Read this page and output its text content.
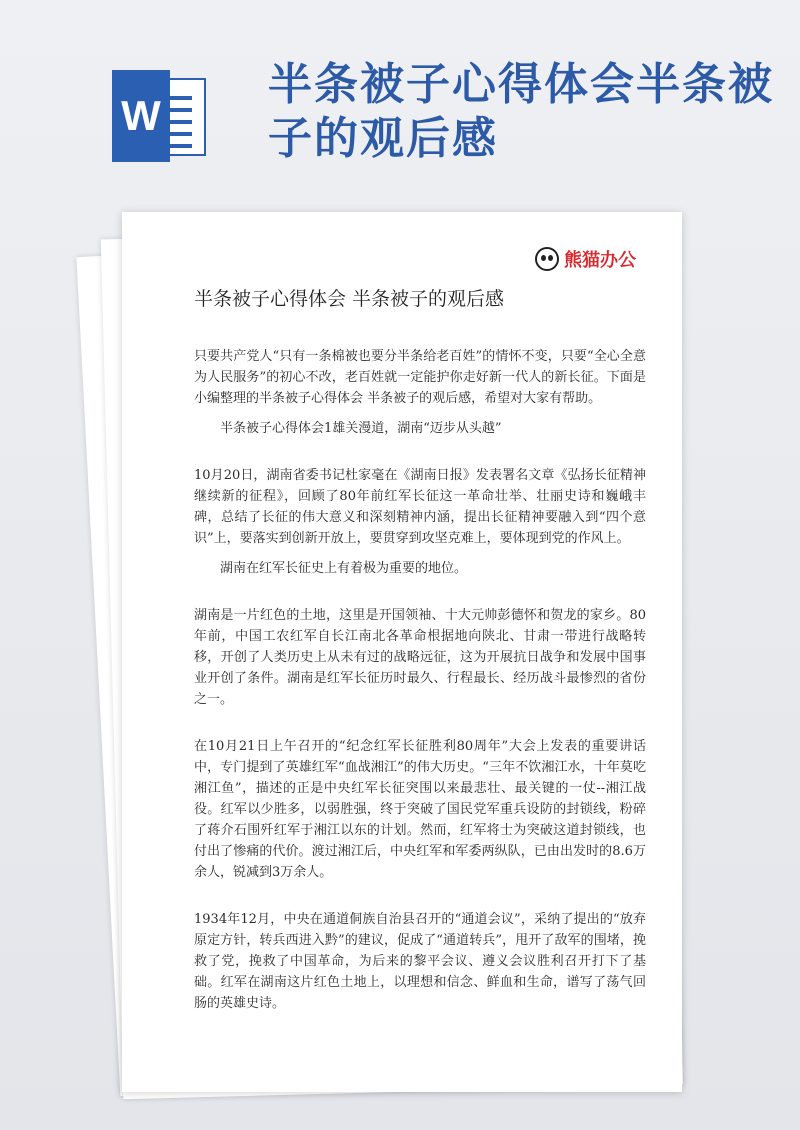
W
半条被子心得体会半条被子的观后感
熊猫办公
半条被子心得体会 半条被子的观后感

只要共产党人“只有一条棉被也要分半条给老百姓”的情怀不变，只要“全心全意为人民服务”的初心不改，老百姓就一定能护你走好新一代人的新长征。下面是小编整理的半条被子心得体会 半条被子的观后感，希望对大家有帮助。

半条被子心得体会1雄关漫道，湖南“迈步从头越”

10月20日，湖南省委书记杜家毫在《湖南日报》发表署名文章《弘扬长征精神 继续新的征程》，回顾了80年前红军长征这一革命壮举、壮丽史诗和巍峨丰碑，总结了长征的伟大意义和深刻精神内涵，提出长征精神要融入到“四个意识”上，要落实到创新开放上，要贯穿到攻坚克难上，要体现到党的作风上。

湖南在红军长征史上有着极为重要的地位。

湖南是一片红色的土地，这里是开国领袖、十大元帅彭德怀和贺龙的家乡。80年前，中国工农红军自长江南北各革命根据地向陕北、甘肃一带进行战略转移，开创了人类历史上从未有过的战略远征，这为开展抗日战争和发展中国事业开创了条件。湖南是红军长征历时最久、行程最长、经历战斗最惨烈的省份之一。

在10月21日上午召开的“纪念红军长征胜利80周年”大会上发表的重要讲话中，专门提到了英雄红军“血战湘江”的伟大历史。“三年不饮湘江水，十年莫吃湘江鱼”，描述的正是中央红军长征突围以来最悲壮、最关键的一仗--湘江战役。红军以少胜多，以弱胜强，终于突破了国民党军重兵设防的封锁线，粉碎了蒋介石围歼红军于湘江以东的计划。然而，红军将士为突破这道封锁线，也付出了惨痛的代价。渡过湘江后，中央红军和军委两纵队，已由出发时的8.6万余人，锐减到3万余人。

1934年12月，中央在通道侗族自治县召开的“通道会议”，采纳了提出的“放弃原定方针，转兵西进入黔”的建议，促成了“通道转兵”，甩开了敌军的围堵，挽救了党，挽救了中国革命，为后来的黎平会议、遵义会议胜利召开打下了基础。红军在湖南这片红色土地上，以理想和信念、鲜血和生命，谱写了荡气回肠的英雄史诗。
